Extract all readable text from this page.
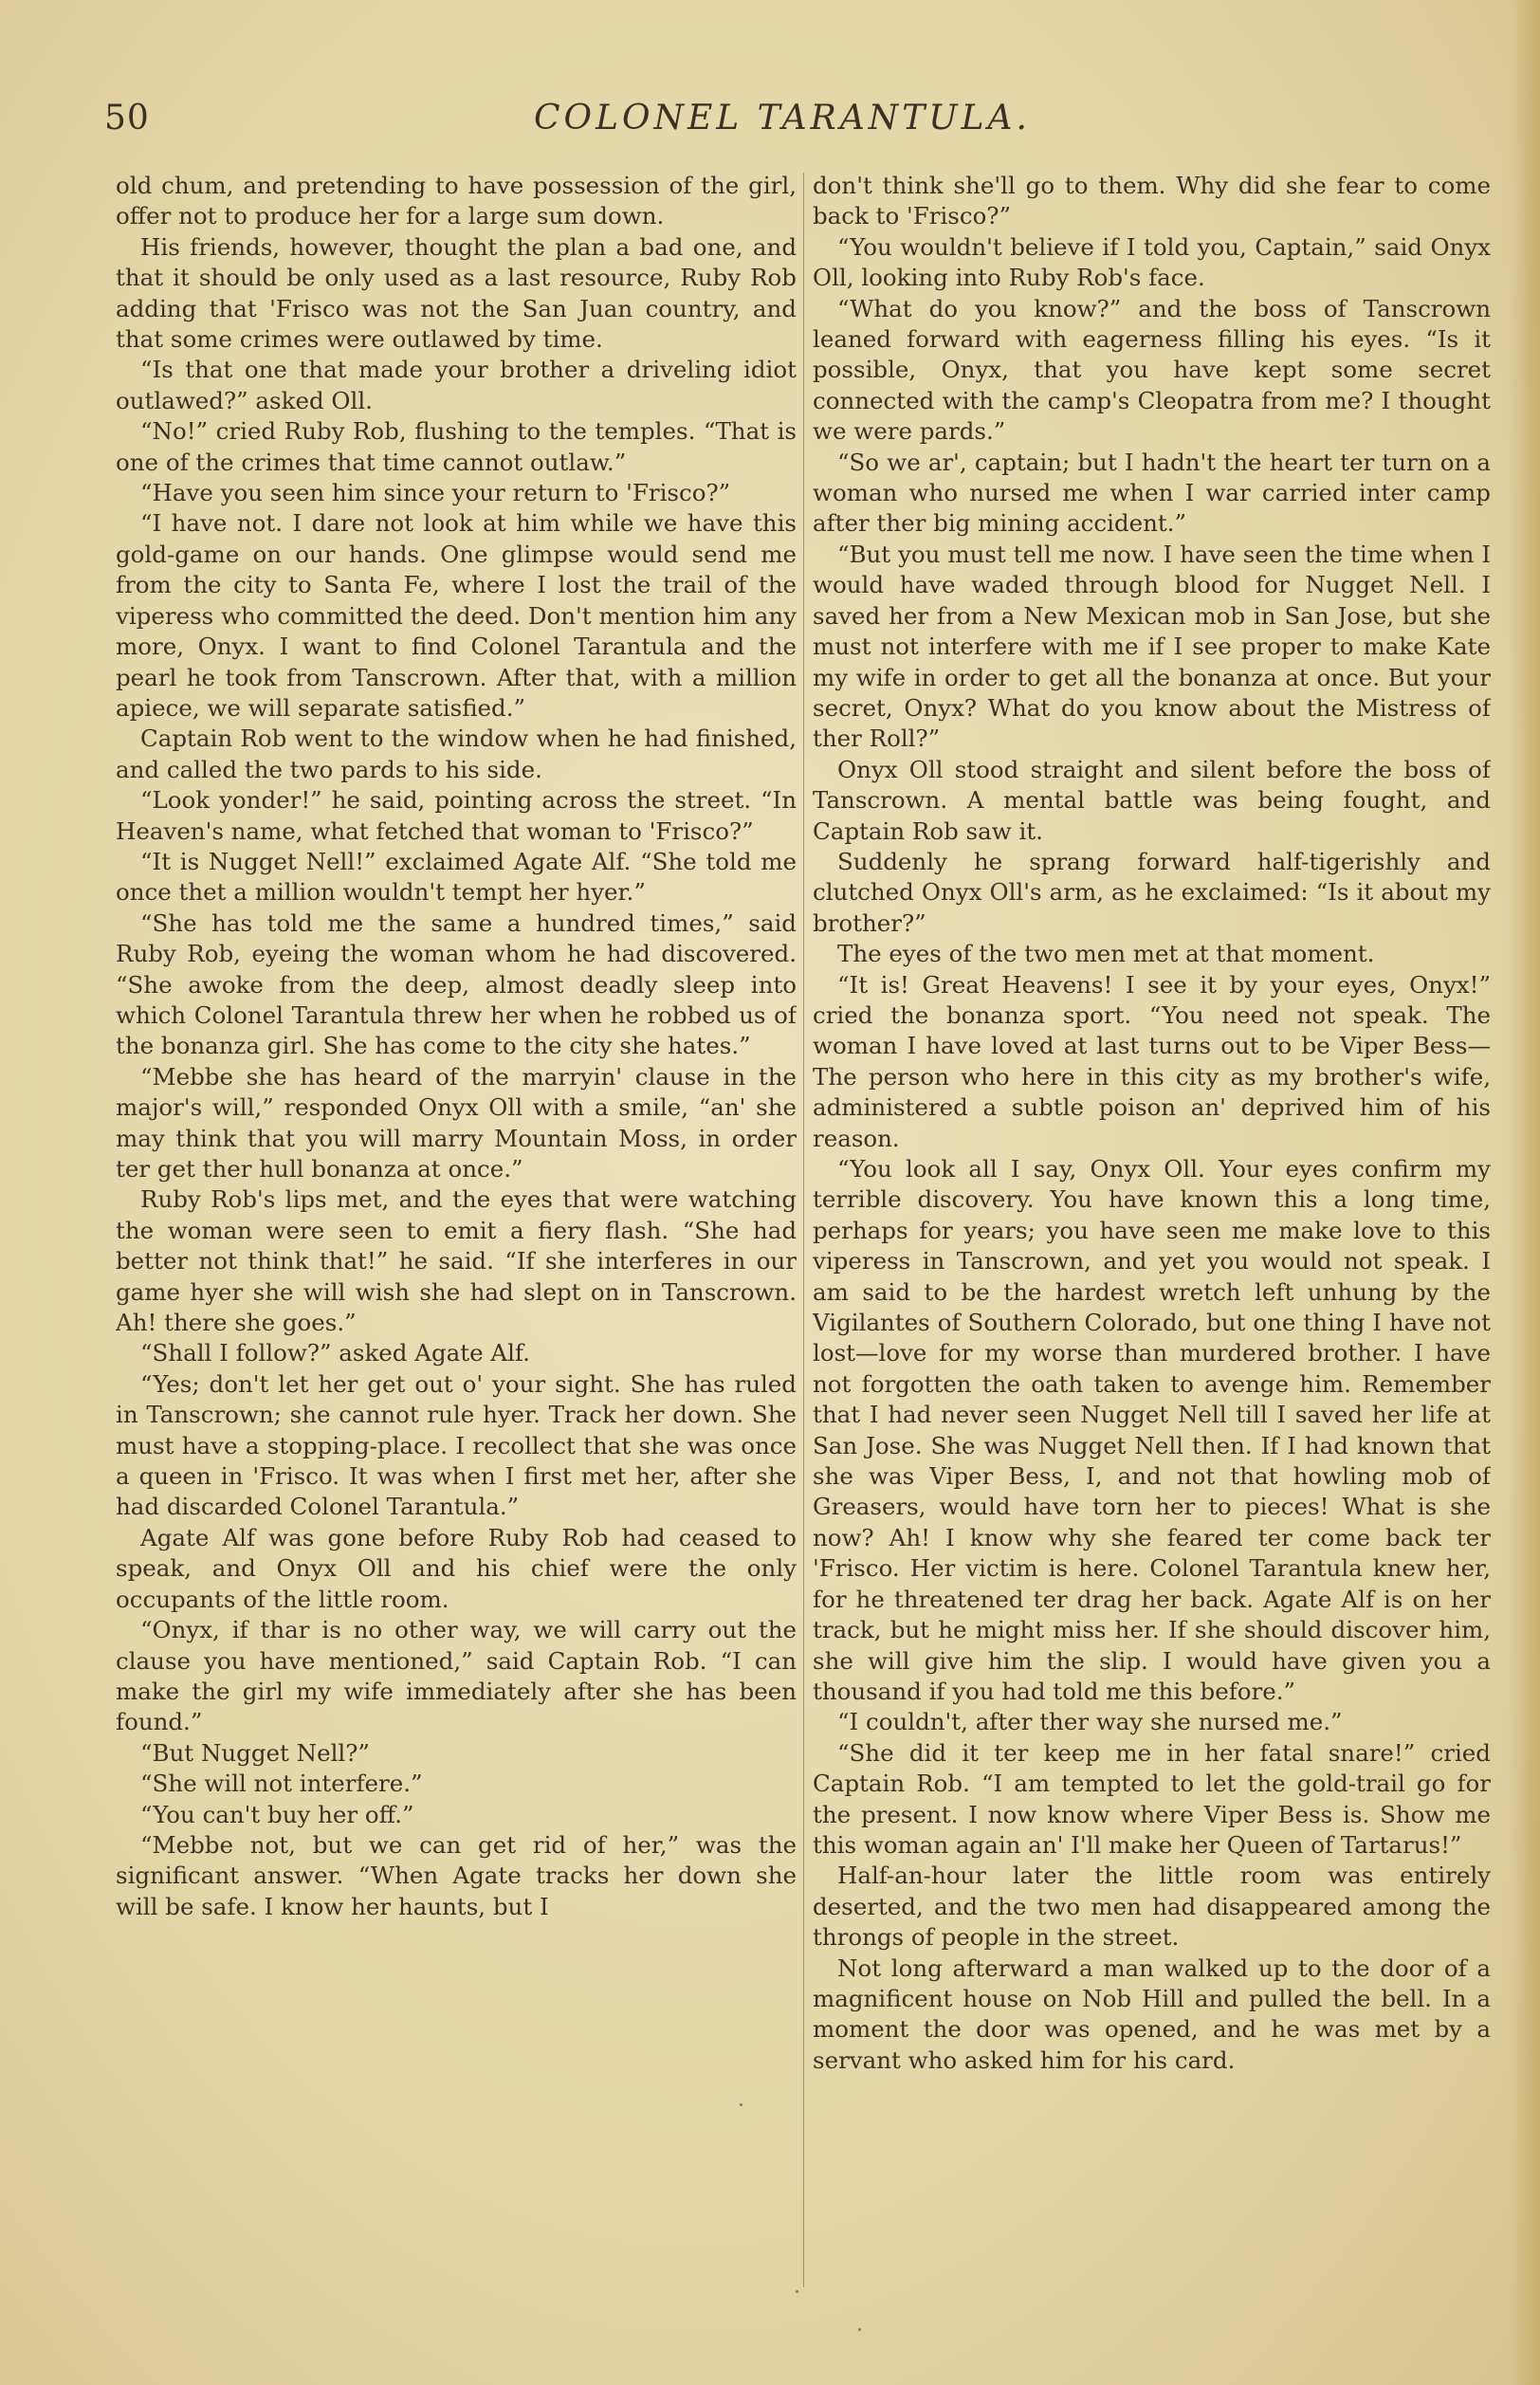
50	COLONEL TARANTULA.

old chum, and pretending to have possession of the girl, offer not to produce her for a large sum down.

His friends, however, thought the plan a bad one, and that it should be only used as a last resource, Ruby Rob adding that 'Frisco was not the San Juan country, and that some crimes were outlawed by time.

“Is that one that made your brother a driveling idiot outlawed?” asked Oll.

“No!” cried Ruby Rob, flushing to the temples. “That is one of the crimes that time cannot outlaw.”

“Have you seen him since your return to 'Frisco?”

“I have not. I dare not look at him while we have this gold-game on our hands. One glimpse would send me from the city to Santa Fe, where I lost the trail of the viperess who committed the deed. Don't mention him any more, Onyx. I want to find Colonel Tarantula and the pearl he took from Tanscrown. After that, with a million apiece, we will separate satisfied.”

Captain Rob went to the window when he had finished, and called the two pards to his side.

“Look yonder!” he said, pointing across the street. “In Heaven's name, what fetched that woman to 'Frisco?”

“It is Nugget Nell!” exclaimed Agate Alf. “She told me once thet a million wouldn't tempt her hyer.”

“She has told me the same a hundred times,” said Ruby Rob, eyeing the woman whom he had discovered. “She awoke from the deep, almost deadly sleep into which Colonel Tarantula threw her when he robbed us of the bonanza girl. She has come to the city she hates.”

“Mebbe she has heard of the marryin' clause in the major's will,” responded Onyx Oll with a smile, “an' she may think that you will marry Mountain Moss, in order ter get ther hull bonanza at once.”

Ruby Rob's lips met, and the eyes that were watching the woman were seen to emit a fiery flash. “She had better not think that!” he said. “If she interferes in our game hyer she will wish she had slept on in Tanscrown. Ah! there she goes.”

“Shall I follow?” asked Agate Alf.

“Yes; don't let her get out o' your sight. She has ruled in Tanscrown; she cannot rule hyer. Track her down. She must have a stopping-place. I recollect that she was once a queen in 'Frisco. It was when I first met her, after she had discarded Colonel Tarantula.”

Agate Alf was gone before Ruby Rob had ceased to speak, and Onyx Oll and his chief were the only occupants of the little room.

“Onyx, if thar is no other way, we will carry out the clause you have mentioned,” said Captain Rob. “I can make the girl my wife immediately after she has been found.”

“But Nugget Nell?”

“She will not interfere.”

“You can't buy her off.”

“Mebbe not, but we can get rid of her,” was the significant answer. “When Agate tracks her down she will be safe. I know her haunts, but I

don't think she'll go to them. Why did she fear to come back to 'Frisco?”

“You wouldn't believe if I told you, Captain,” said Onyx Oll, looking into Ruby Rob's face.

“What do you know?” and the boss of Tanscrown leaned forward with eagerness filling his eyes. “Is it possible, Onyx, that you have kept some secret connected with the camp's Cleopatra from me? I thought we were pards.”

“So we ar', captain; but I hadn't the heart ter turn on a woman who nursed me when I war carried inter camp after ther big mining accident.”

“But you must tell me now. I have seen the time when I would have waded through blood for Nugget Nell. I saved her from a New Mexican mob in San Jose, but she must not interfere with me if I see proper to make Kate my wife in order to get all the bonanza at once. But your secret, Onyx? What do you know about the Mistress of ther Roll?”

Onyx Oll stood straight and silent before the boss of Tanscrown. A mental battle was being fought, and Captain Rob saw it.

Suddenly he sprang forward half-tigerishly and clutched Onyx Oll's arm, as he exclaimed: “Is it about my brother?”

The eyes of the two men met at that moment.

“It is! Great Heavens! I see it by your eyes, Onyx!” cried the bonanza sport. “You need not speak. The woman I have loved at last turns out to be Viper Bess—The person who here in this city as my brother's wife, administered a subtle poison an' deprived him of his reason.

“You look all I say, Onyx Oll. Your eyes confirm my terrible discovery. You have known this a long time, perhaps for years; you have seen me make love to this viperess in Tanscrown, and yet you would not speak. I am said to be the hardest wretch left unhung by the Vigilantes of Southern Colorado, but one thing I have not lost—love for my worse than murdered brother. I have not forgotten the oath taken to avenge him. Remember that I had never seen Nugget Nell till I saved her life at San Jose. She was Nugget Nell then. If I had known that she was Viper Bess, I, and not that howling mob of Greasers, would have torn her to pieces! What is she now? Ah! I know why she feared ter come back ter 'Frisco. Her victim is here. Colonel Tarantula knew her, for he threatened ter drag her back. Agate Alf is on her track, but he might miss her. If she should discover him, she will give him the slip. I would have given you a thousand if you had told me this before.”

“I couldn't, after ther way she nursed me.”

“She did it ter keep me in her fatal snare!” cried Captain Rob. “I am tempted to let the gold-trail go for the present. I now know where Viper Bess is. Show me this woman again an' I'll make her Queen of Tartarus!”

Half-an-hour later the little room was entirely deserted, and the two men had disappeared among the throngs of people in the street.

Not long afterward a man walked up to the door of a magnificent house on Nob Hill and pulled the bell. In a moment the door was opened, and he was met by a servant who asked him for his card.
